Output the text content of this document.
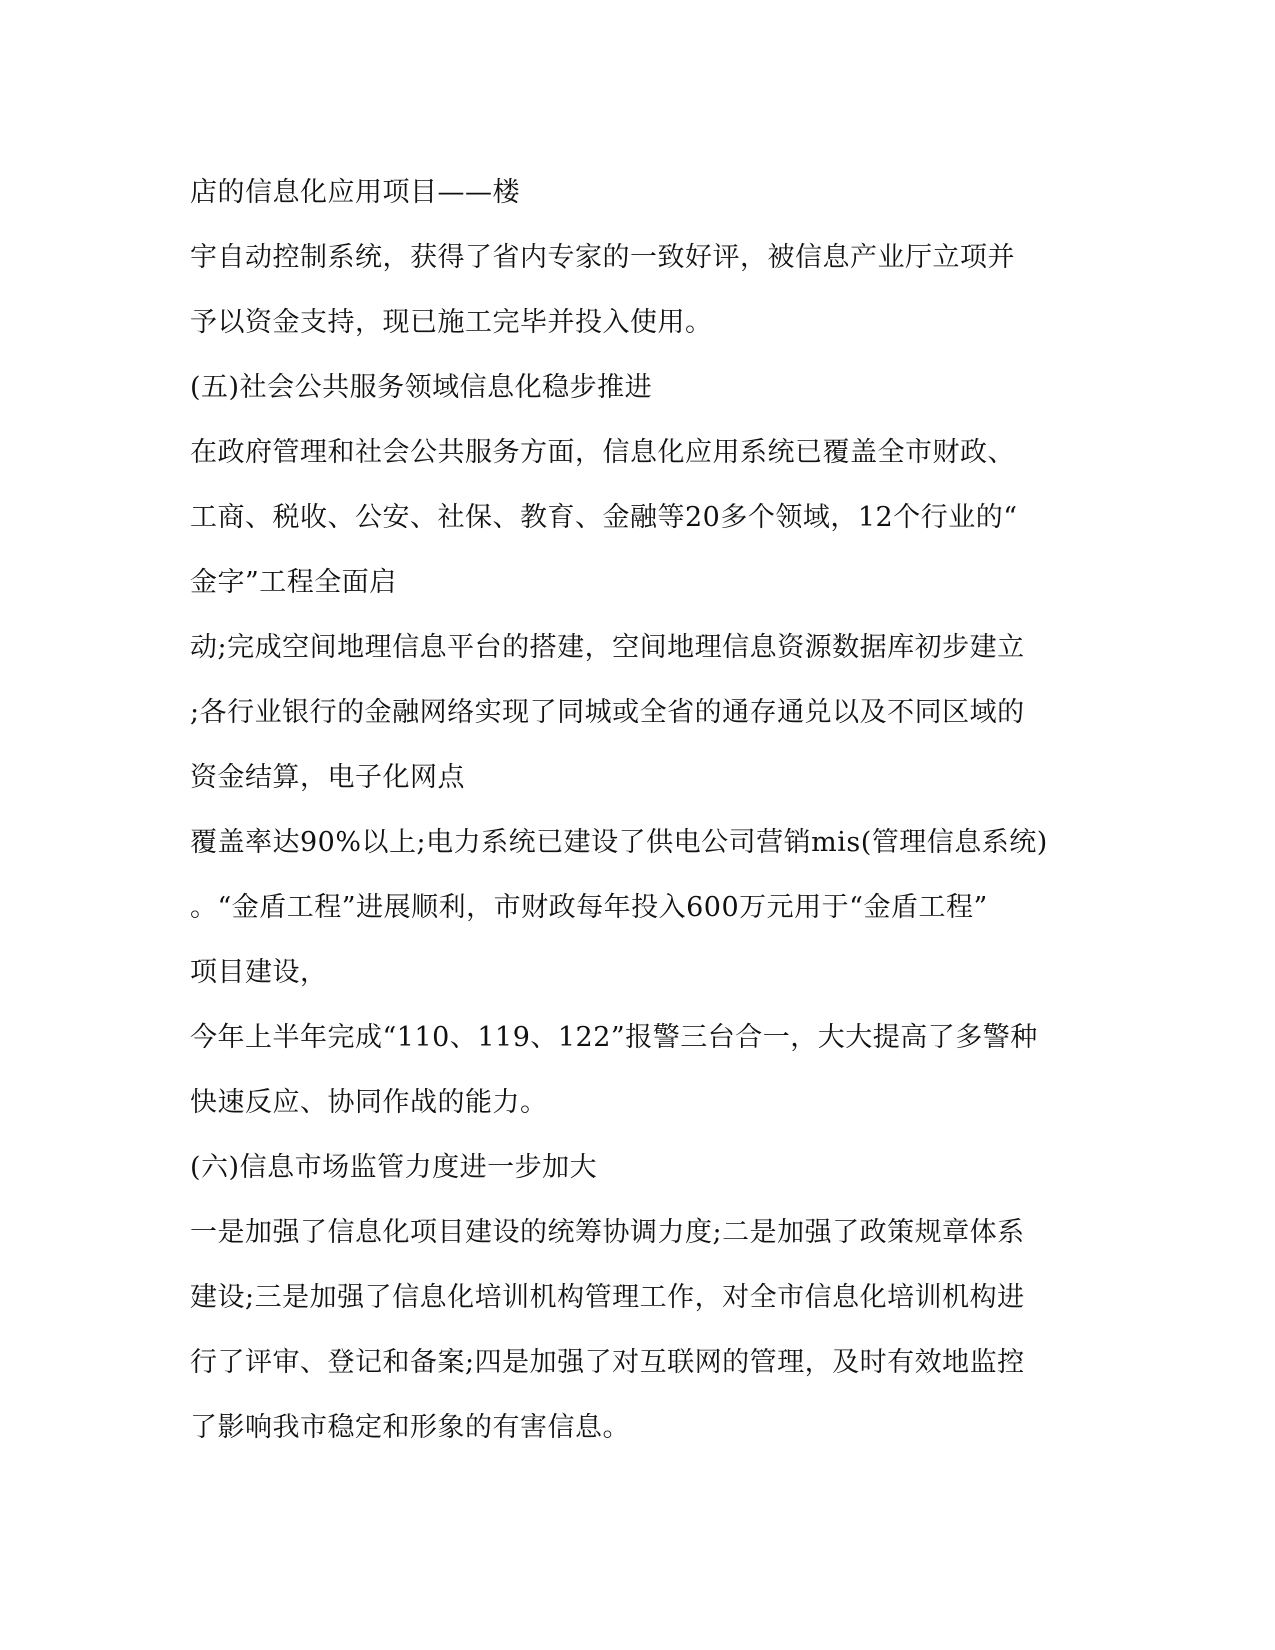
店的信息化应用项目——楼
宇自动控制系统，获得了省内专家的一致好评，被信息产业厅立项并
予以资金支持，现已施工完毕并投入使用。
(五)社会公共服务领域信息化稳步推进
在政府管理和社会公共服务方面，信息化应用系统已覆盖全市财政、
工商、税收、公安、社保、教育、金融等20多个领域，12个行业的“
金字”工程全面启
动;完成空间地理信息平台的搭建，空间地理信息资源数据库初步建立
;各行业银行的金融网络实现了同城或全省的通存通兑以及不同区域的
资金结算，电子化网点
覆盖率达90%以上;电力系统已建设了供电公司营销mis(管理信息系统)
。“金盾工程”进展顺利，市财政每年投入600万元用于“金盾工程”
项目建设，
今年上半年完成“110、119、122”报警三台合一，大大提高了多警种
快速反应、协同作战的能力。
(六)信息市场监管力度进一步加大
一是加强了信息化项目建设的统筹协调力度;二是加强了政策规章体系
建设;三是加强了信息化培训机构管理工作，对全市信息化培训机构进
行了评审、登记和备案;四是加强了对互联网的管理，及时有效地监控
了影响我市稳定和形象的有害信息。
